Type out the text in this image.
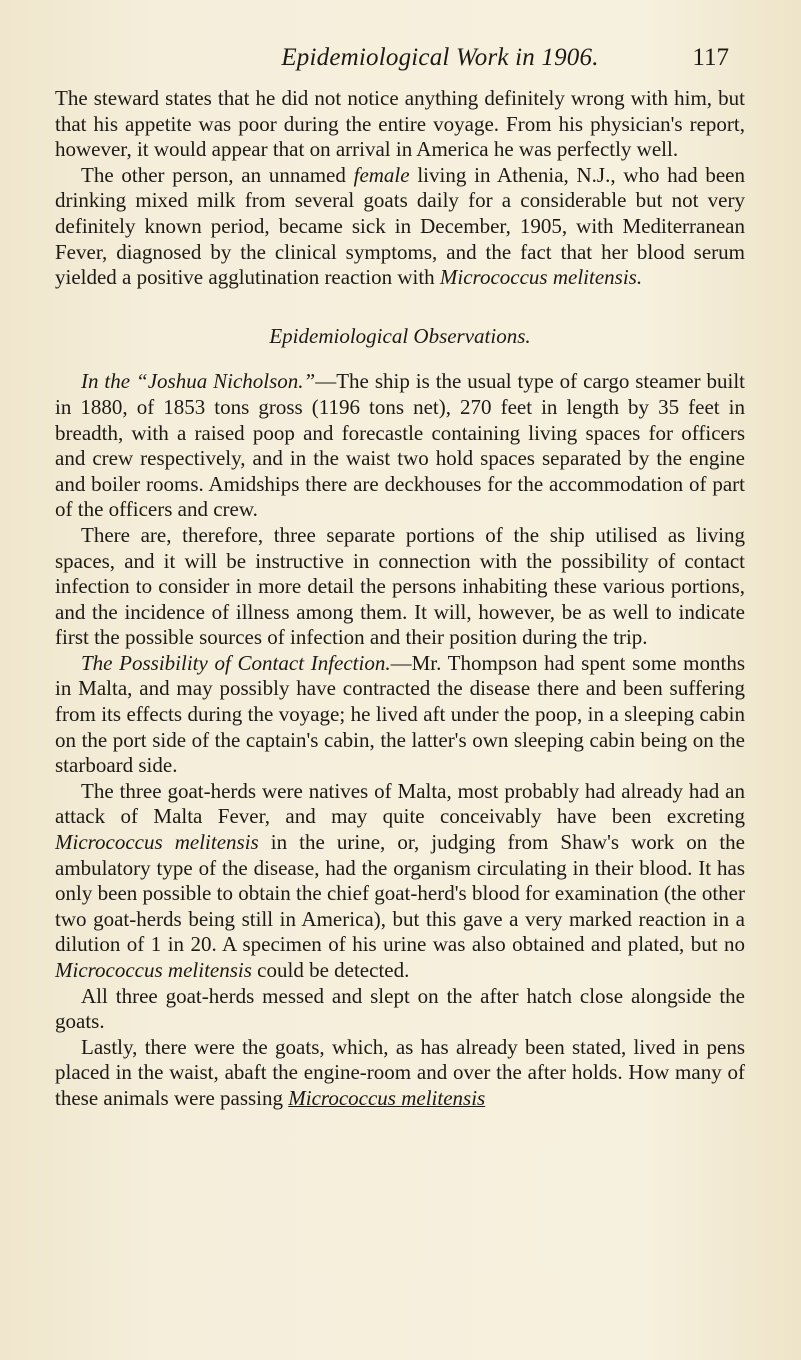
Epidemiological Work in 1906.	117

The steward states that he did not notice anything definitely wrong with him, but that his appetite was poor during the entire voyage. From his physician's report, however, it would appear that on arrival in America he was perfectly well.

The other person, an unnamed female living in Athenia, N.J., who had been drinking mixed milk from several goats daily for a considerable but not very definitely known period, became sick in December, 1905, with Mediterranean Fever, diagnosed by the clinical symptoms, and the fact that her blood serum yielded a positive agglutination reaction with Micrococcus melitensis.

Epidemiological Observations.

In the “Joshua Nicholson.”—The ship is the usual type of cargo steamer built in 1880, of 1853 tons gross (1196 tons net), 270 feet in length by 35 feet in breadth, with a raised poop and forecastle containing living spaces for officers and crew respectively, and in the waist two hold spaces separated by the engine and boiler rooms. Amidships there are deckhouses for the accommodation of part of the officers and crew.

There are, therefore, three separate portions of the ship utilised as living spaces, and it will be instructive in connection with the possibility of contact infection to consider in more detail the persons inhabiting these various portions, and the incidence of illness among them. It will, however, be as well to indicate first the possible sources of infection and their position during the trip.

The Possibility of Contact Infection.—Mr. Thompson had spent some months in Malta, and may possibly have contracted the disease there and been suffering from its effects during the voyage; he lived aft under the poop, in a sleeping cabin on the port side of the captain's cabin, the latter's own sleeping cabin being on the starboard side.

The three goat-herds were natives of Malta, most probably had already had an attack of Malta Fever, and may quite conceivably have been excreting Micrococcus melitensis in the urine, or, judging from Shaw's work on the ambulatory type of the disease, had the organism circulating in their blood. It has only been possible to obtain the chief goat-herd's blood for examination (the other two goat-herds being still in America), but this gave a very marked reaction in a dilution of 1 in 20. A specimen of his urine was also obtained and plated, but no Micrococcus melitensis could be detected.

All three goat-herds messed and slept on the after hatch close alongside the goats.

Lastly, there were the goats, which, as has already been stated, lived in pens placed in the waist, abaft the engine-room and over the after holds. How many of these animals were passing Micrococcus melitensis
